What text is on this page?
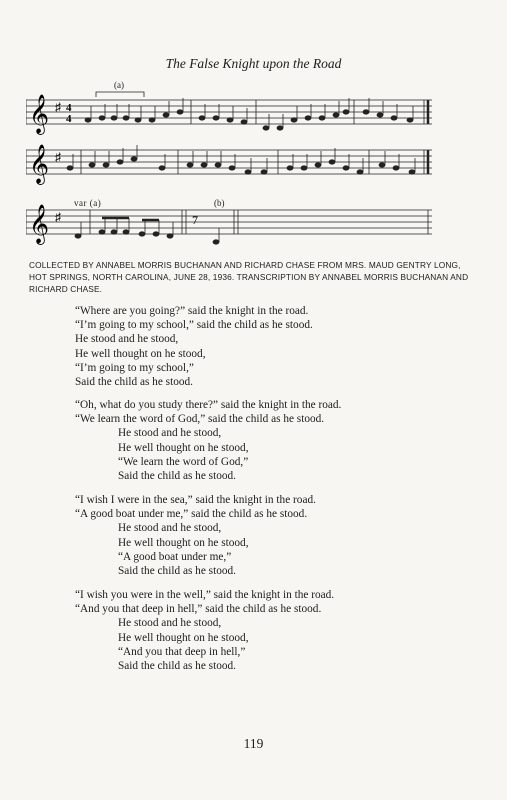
The False Knight upon the Road
𝄞 ♯ 4
4
(a)
𝄞 ♯
𝄞 ♯	7
var (a)	(b)
COLLECTED BY ANNABEL MORRIS BUCHANAN AND RICHARD CHASE FROM MRS. MAUD GENTRY LONG, HOT SPRINGS, NORTH CAROLINA, JUNE 28, 1936. TRANSCRIPTION BY ANNABEL MORRIS BUCHANAN AND RICHARD CHASE.
“Where are you going?” said the knight in the road.
“I’m going to my school,” said the child as he stood.
He stood and he stood,
He well thought on he stood,
“I’m going to my school,”
Said the child as he stood.
“Oh, what do you study there?” said the knight in the road.
“We learn the word of God,” said the child as he stood.
He stood and he stood,
He well thought on he stood,
“We learn the word of God,”
Said the child as he stood.
“I wish I were in the sea,” said the knight in the road.
“A good boat under me,” said the child as he stood.
He stood and he stood,
He well thought on he stood,
“A good boat under me,”
Said the child as he stood.
“I wish you were in the well,” said the knight in the road.
“And you that deep in hell,” said the child as he stood.
He stood and he stood,
He well thought on he stood,
“And you that deep in hell,”
Said the child as he stood.
119
